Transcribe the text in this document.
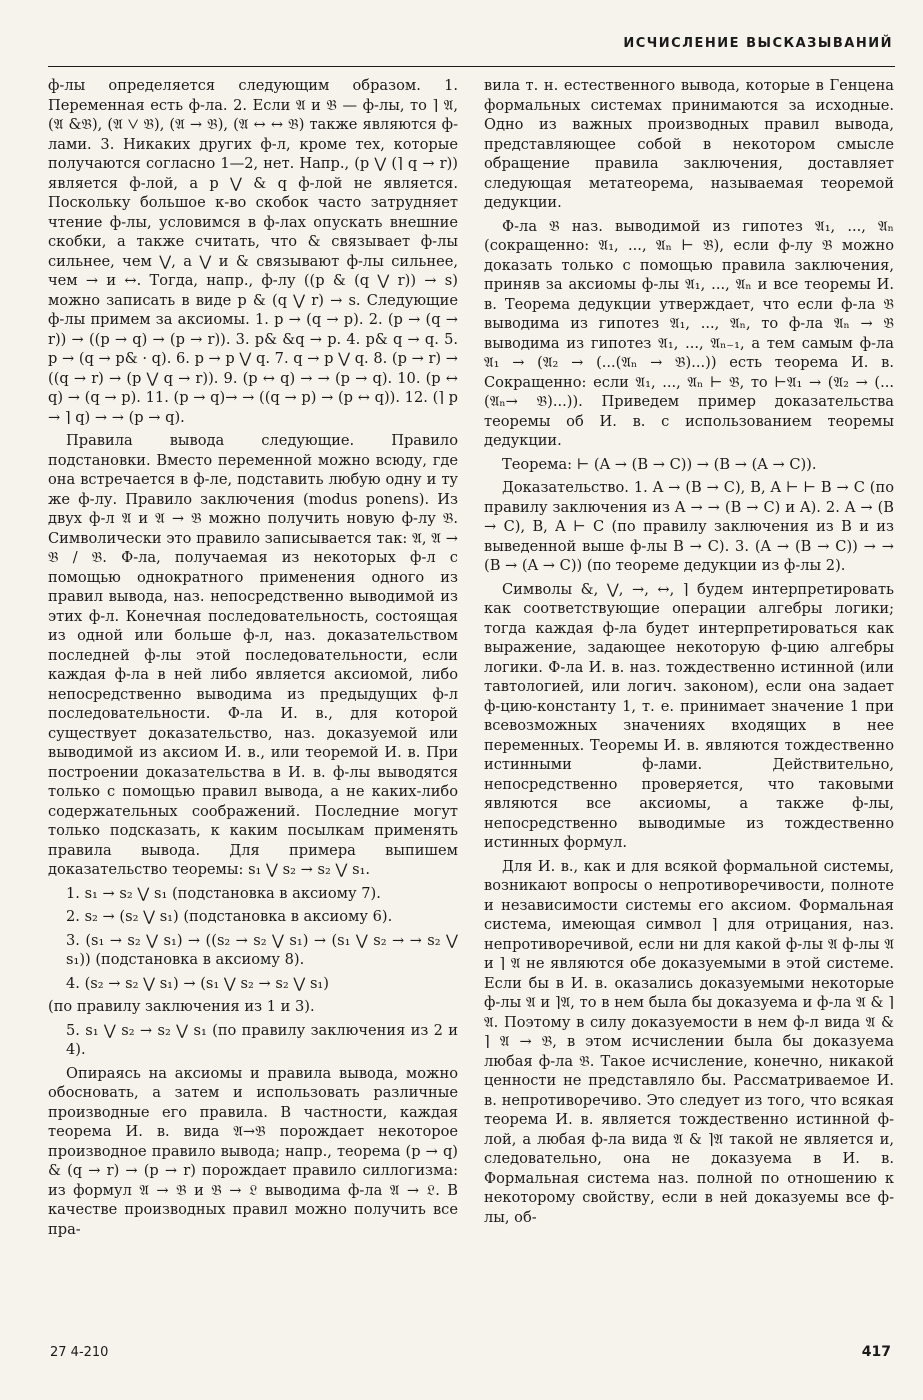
ИСЧИСЛЕНИЕ ВЫСКАЗЫВАНИЙ

ф-лы определяется следующим образом. 1. Переменная есть ф-ла. 2. Если 𝔄 и 𝔅 — ф-лы, то ⌉ 𝔄, (𝔄 &𝔅), (𝔄 ⋁ 𝔅), (𝔄 → 𝔅), (𝔄 ↔ ↔ 𝔅) также являются ф-лами. 3. Никаких других ф-л, кроме тех, которые получаются согласно 1—2, нет. Напр., (p ⋁ (⌉ q → r)) является ф-лой, а p ⋁ & q ф-лой не является. Поскольку большое к-во скобок часто затрудняет чтение ф-лы, условимся в ф-лах опускать внешние скобки, а также считать, что & связывает ф-лы сильнее, чем ⋁, а ⋁ и & связывают ф-лы сильнее, чем → и ↔. Тогда, напр., ф-лу ((p & (q ⋁ r)) → s) можно записать в виде p & (q ⋁ r) → s. Следующие ф-лы примем за аксиомы. 1. p → (q → p). 2. (p → (q → r)) → ((p → q) → (p → r)). 3. p& &q → p. 4. p& q → q. 5. p → (q → p& · q). 6. p → p ⋁ q. 7. q → p ⋁ q. 8. (p → r) → ((q → r) → (p ⋁ q → r)). 9. (p ↔ q) → → (p → q). 10. (p ↔ q) → (q → p). 11. (p → q)→ → ((q → p) → (p ↔ q)). 12. (⌉ p → ⌉ q) → → (p → q).

Правила вывода следующие. Правило подстановки. Вместо переменной можно всюду, где она встречается в ф-ле, подставить любую одну и ту же ф-лу. Правило заключения (modus ponens). Из двух ф-л 𝔄 и 𝔄 → 𝔅 можно получить новую ф-лу 𝔅. Символически это правило записывается так: 𝔄, 𝔄 → 𝔅 / 𝔅. Ф-ла, получаемая из некоторых ф-л с помощью однократного применения одного из правил вывода, наз. непосредственно выводимой из этих ф-л. Конечная последовательность, состоящая из одной или больше ф-л, наз. доказательством последней ф-лы этой последовательности, если каждая ф-ла в ней либо является аксиомой, либо непосредственно выводима из предыдущих ф-л последовательности. Ф-ла И. в., для которой существует доказательство, наз. доказуемой или выводимой из аксиом И. в., или теоремой И. в. При построении доказательства в И. в. ф-лы выводятся только с помощью правил вывода, а не каких-либо содержательных соображений. Последние могут только подсказать, к каким посылкам применять правила вывода. Для примера выпишем доказательство теоремы: s₁ ⋁ s₂ → s₂ ⋁ s₁.

1. s₁ → s₂ ⋁ s₁ (подстановка в аксиому 7).

2. s₂ → (s₂ ⋁ s₁) (подстановка в аксиому 6).

3. (s₁ → s₂ ⋁ s₁) → ((s₂ → s₂ ⋁ s₁) → (s₁ ⋁ s₂ → → s₂ ⋁ s₁)) (подстановка в аксиому 8).

4. (s₂ → s₂ ⋁ s₁) → (s₁ ⋁ s₂ → s₂ ⋁ s₁)

(по правилу заключения из 1 и 3).

5. s₁ ⋁ s₂ → s₂ ⋁ s₁ (по правилу заключения из 2 и 4).

Опираясь на аксиомы и правила вывода, можно обосновать, а затем и использовать различные производные его правила. В частности, каждая теорема И. в. вида 𝔄→𝔅 порождает некоторое производное правило вывода; напр., теорема (p → q) & (q → r) → (p → r) порождает правило силлогизма: из формул 𝔄 → 𝔅 и 𝔅 → 𝔏 выводима ф-ла 𝔄 → 𝔏. В качестве производных правил можно получить все пра-

вила т. н. естественного вывода, которые в Генцена формальных системах принимаются за исходные. Одно из важных производных правил вывода, представляющее собой в некотором смысле обращение правила заключения, доставляет следующая метатеорема, называемая теоремой дедукции.

Ф-ла 𝔅 наз. выводимой из гипотез 𝔄₁, ..., 𝔄ₙ (сокращенно: 𝔄₁, ..., 𝔄ₙ ⊢ 𝔅), если ф-лу 𝔅 можно доказать только с помощью правила заключения, приняв за аксиомы ф-лы 𝔄₁, ..., 𝔄ₙ и все теоремы И. в. Теорема дедукции утверждает, что если ф-ла 𝔅 выводима из гипотез 𝔄₁, ..., 𝔄ₙ, то ф-ла 𝔄ₙ → 𝔅 выводима из гипотез 𝔄₁, ..., 𝔄ₙ₋₁, а тем самым ф-ла 𝔄₁ → (𝔄₂ → (...(𝔄ₙ → 𝔅)...)) есть теорема И. в. Сокращенно: если 𝔄₁, ..., 𝔄ₙ ⊢ 𝔅, то ⊢𝔄₁ → (𝔄₂ → (... (𝔄ₙ→ 𝔅)...)). Приведем пример доказательства теоремы об И. в. с использованием теоремы дедукции.

Теорема: ⊢ (A → (B → C)) → (B → (A → C)).

Доказательство. 1. A → (B → C), B, A ⊢ ⊢ B → C (по правилу заключения из A → → (B → C) и A). 2. A → (B → C), B, A ⊢ C (по правилу заключения из B и из выведенной выше ф-лы B → C). 3. (A → (B → C)) → → (B → (A → C)) (по теореме дедукции из ф-лы 2).

Символы &, ⋁, →, ↔, ⌉ будем интерпретировать как соответствующие операции алгебры логики; тогда каждая ф-ла будет интерпретироваться как выражение, задающее некоторую ф-цию алгебры логики. Ф-ла И. в. наз. тождественно истинной (или тавтологией, или логич. законом), если она задает ф-цию-константу 1, т. е. принимает значение 1 при всевозможных значениях входящих в нее переменных. Теоремы И. в. являются тождественно истинными ф-лами. Действительно, непосредственно проверяется, что таковыми являются все аксиомы, а также ф-лы, непосредственно выводимые из тождественно истинных формул.

Для И. в., как и для всякой формальной системы, возникают вопросы о непротиворечивости, полноте и независимости системы его аксиом. Формальная система, имеющая символ ⌉ для отрицания, наз. непротиворечивой, если ни для какой ф-лы 𝔄 ф-лы 𝔄 и ⌉ 𝔄 не являются обе доказуемыми в этой системе. Если бы в И. в. оказались доказуемыми некоторые ф-лы 𝔄 и ⌉𝔄, то в нем была бы доказуема и ф-ла 𝔄 & ⌉𝔄. Поэтому в силу доказуемости в нем ф-л вида 𝔄 & ⌉ 𝔄 → 𝔅, в этом исчислении была бы доказуема любая ф-ла 𝔅. Такое исчисление, конечно, никакой ценности не представляло бы. Рассматриваемое И. в. непротиворечиво. Это следует из того, что всякая теорема И. в. является тождественно истинной ф-лой, а любая ф-ла вида 𝔄 & ⌉𝔄 такой не является и, следовательно, она не доказуема в И. в. Формальная система наз. полной по отношению к некоторому свойству, если в ней доказуемы все ф-лы, об-

27 4-210	417
